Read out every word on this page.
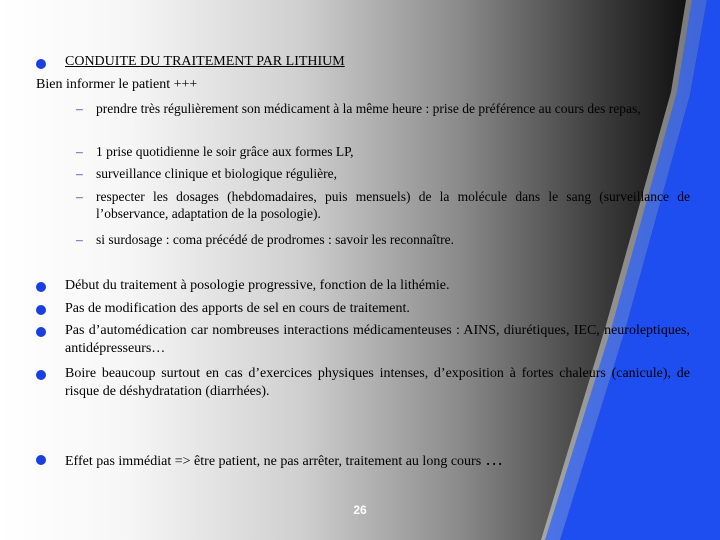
CONDUITE DU TRAITEMENT PAR LITHIUM
Bien informer le patient +++
– prendre très régulièrement son médicament à la même heure : prise de préférence au cours des repas,
– 1 prise quotidienne le soir grâce aux formes LP,
– surveillance clinique et biologique régulière,
– respecter les dosages (hebdomadaires, puis mensuels) de la molécule dans le sang (surveillance de l’observance, adaptation de la posologie).
– si surdosage : coma précédé de prodromes : savoir les reconnaître.
Début du traitement à posologie progressive, fonction de la lithémie.
Pas de modification des apports de sel en cours de traitement.
Pas d’automédication car nombreuses interactions médicamenteuses : AINS, diurétiques, IEC, neuroleptiques, antidépresseurs…
Boire beaucoup surtout en cas d’exercices physiques intenses, d’exposition à fortes chaleurs (canicule), de risque de déshydratation (diarrhées).
Effet pas immédiat => être patient, ne pas arrêter, traitement au long cours …
26
